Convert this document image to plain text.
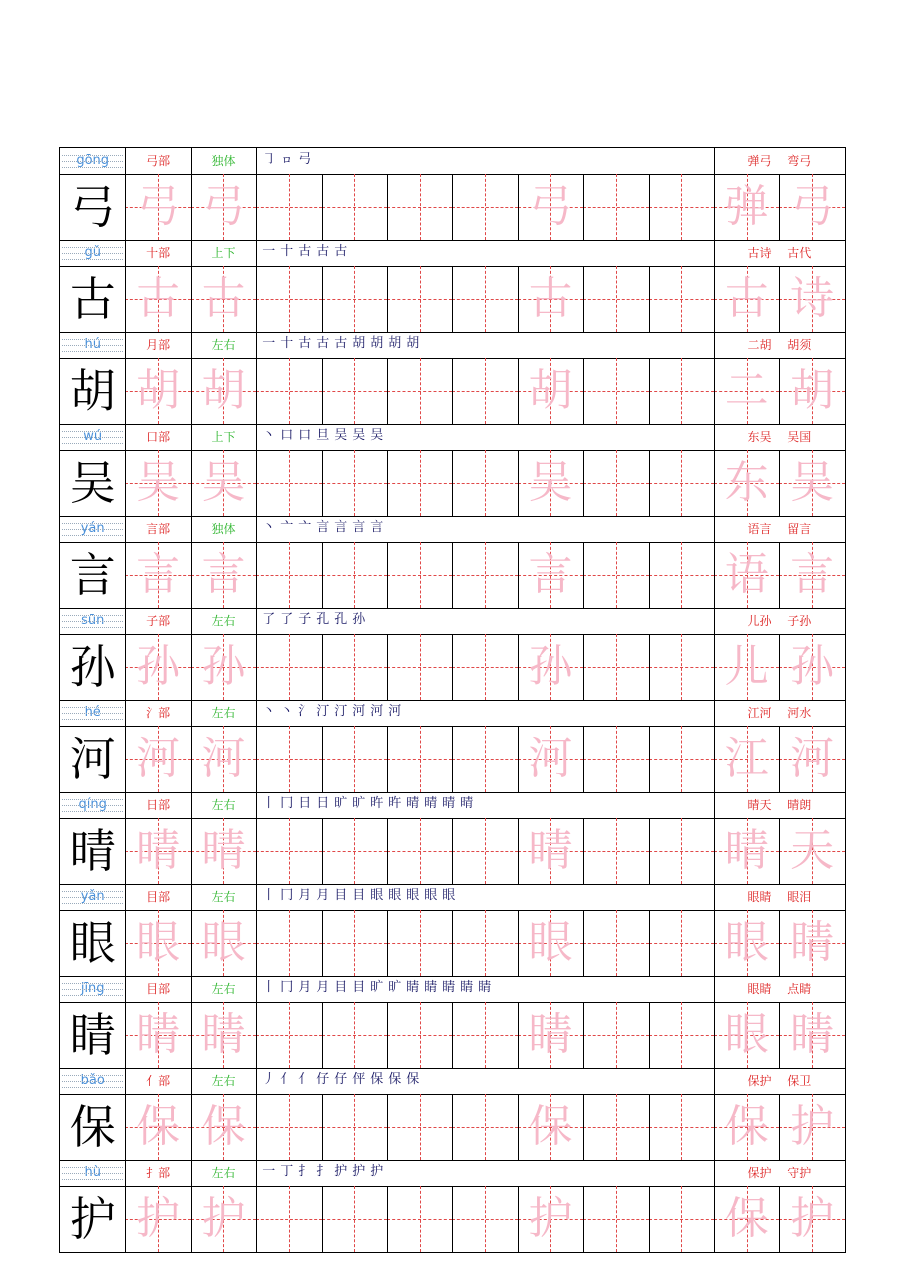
gōng	弓部	独体	㇆ㇿ弓	弹弓 弯弓
弓 弓 弓	弓	弹 弓
gǔ	十部	上下	一十古古古	古诗 古代
古 古 古	古	古 诗
hú	月部	左右	一十古古古胡胡胡胡	二胡 胡须
胡 胡 胡	胡	二 胡
wú	口部	上下	丶口口旦吴吴吴	东吴 吴国
吴 吴 吴	吴	东 吴
yán	言部	独体	丶亠亠言言言言	语言 留言
言 言 言	言	语 言
sūn	子部	左右	了了子孔孔孙	儿孙 子孙
孙 孙 孙	孙	儿 孙
hé	氵部	左右	丶丶氵汀汀河河河	江河 河水
河 河 河	河	江 河
qíng	日部	左右	丨冂日日旷旷旿旿晴晴晴晴	晴天 晴朗
晴 晴 晴	晴	晴 天
yǎn	目部	左右	丨冂月月目目眼眼眼眼眼	眼睛 眼泪
眼 眼 眼	眼	眼 睛
jīng	目部	左右	丨冂月月目目旷旷睛睛睛睛睛	眼睛 点睛
睛 睛 睛	睛	眼 睛
bǎo	亻部	左右	丿亻亻仔仔伻保保保	保护 保卫
保 保 保	保	保 护
hù	扌部	左右	一丁扌扌护护护	保护 守护
护 护 护	护	保 护
